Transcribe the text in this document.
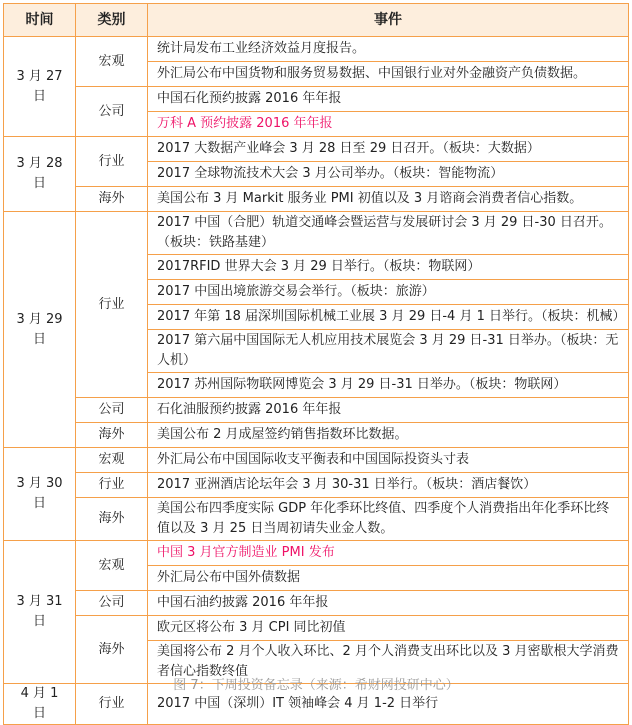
时间	类别	事件
3 月 27 日	宏观	统计局发布工业经济效益月度报告。
		外汇局公布中国货物和服务贸易数据、中国银行业对外金融资产负债数据。
	公司	中国石化预约披露 2016 年年报
		万科 A 预约披露 2016 年年报
3 月 28 日	行业	2017 大数据产业峰会 3 月 28 日至 29 日召开。（板块：大数据）
		2017 全球物流技术大会 3 月公司举办。（板块：智能物流）
	海外	美国公布 3 月 Markit 服务业 PMI 初值以及 3 月谘商会消费者信心指数。
3 月 29 日	行业	2017 中国（合肥）轨道交通峰会暨运营与发展研讨会 3 月 29 日-30 日召开。（板块：铁路基建）
		2017RFID 世界大会 3 月 29 日举行。（板块：物联网）
		2017 中国出境旅游交易会举行。（板块：旅游）
		2017 年第 18 届深圳国际机械工业展 3 月 29 日-4 月 1 日举行。（板块：机械）
		2017 第六届中国国际无人机应用技术展览会 3 月 29 日-31 日举办。（板块：无人机）
		2017 苏州国际物联网博览会 3 月 29 日-31 日举办。（板块：物联网）
	公司	石化油服预约披露 2016 年年报
	海外	美国公布 2 月成屋签约销售指数环比数据。
3 月 30 日	宏观	外汇局公布中国国际收支平衡表和中国国际投资头寸表
	行业	2017 亚洲酒店论坛年会 3 月 30-31 日举行。（板块：酒店餐饮）
	海外	美国公布四季度实际 GDP 年化季环比终值、四季度个人消费指出年化季环比终值以及 3 月 25 日当周初请失业金人数。
3 月 31 日	宏观	中国 3 月官方制造业 PMI 发布
		外汇局公布中国外债数据
	公司	中国石油约披露 2016 年年报
	海外	欧元区将公布 3 月 CPI 同比初值
		美国将公布 2 月个人收入环比、2 月个人消费支出环比以及 3 月密歇根大学消费者信心指数终值
4 月 1 日	行业	2017 中国（深圳）IT 领袖峰会 4 月 1-2 日举行
图 7：下周投资备忘录（来源：希财网投研中心）
